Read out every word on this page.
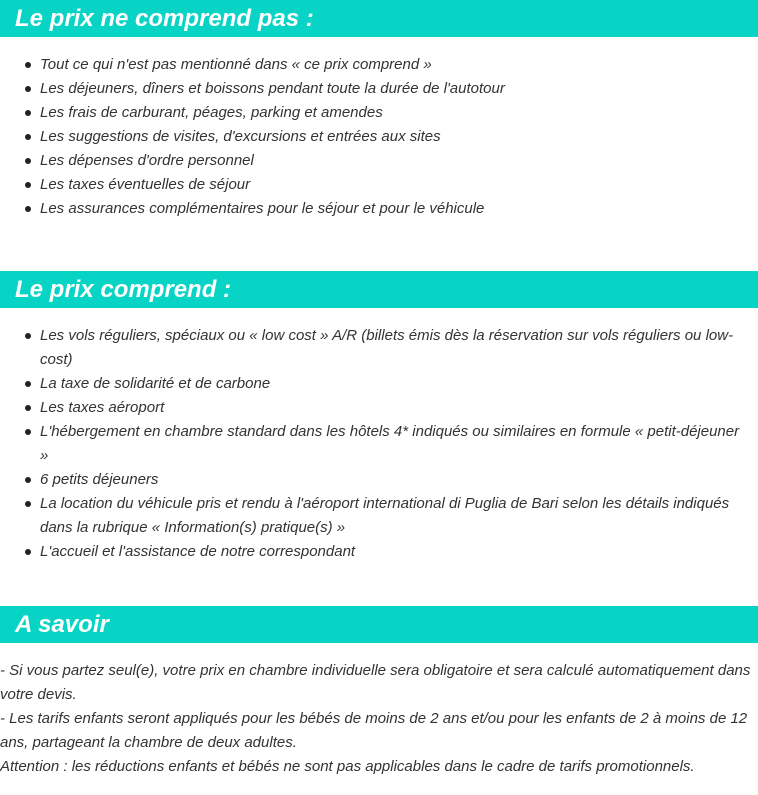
Le prix ne comprend pas :
Tout ce qui n'est pas mentionné dans « ce prix comprend »
Les déjeuners, dîners et boissons pendant toute la durée de l'autotour
Les frais de carburant, péages, parking et amendes
Les suggestions de visites, d'excursions et entrées aux sites
Les dépenses d'ordre personnel
Les taxes éventuelles de séjour
Les assurances complémentaires pour le séjour et pour le véhicule
Le prix comprend :
Les vols réguliers, spéciaux ou « low cost » A/R (billets émis dès la réservation sur vols réguliers ou low-cost)
La taxe de solidarité et de carbone
Les taxes aéroport
L'hébergement en chambre standard dans les hôtels 4* indiqués ou similaires en formule « petit-déjeuner »
6 petits déjeuners
La location du véhicule pris et rendu à l'aéroport international di Puglia de Bari selon les détails indiqués dans la rubrique « Information(s) pratique(s) »
L'accueil et l'assistance de notre correspondant
A savoir

- Si vous partez seul(e), votre prix en chambre individuelle sera obligatoire et sera calculé automatiquement dans votre devis.

- Les tarifs enfants seront appliqués pour les bébés de moins de 2 ans et/ou pour les enfants de 2 à moins de 12 ans, partageant la chambre de deux adultes.

Attention : les réductions enfants et bébés ne sont pas applicables dans le cadre de tarifs promotionnels.
